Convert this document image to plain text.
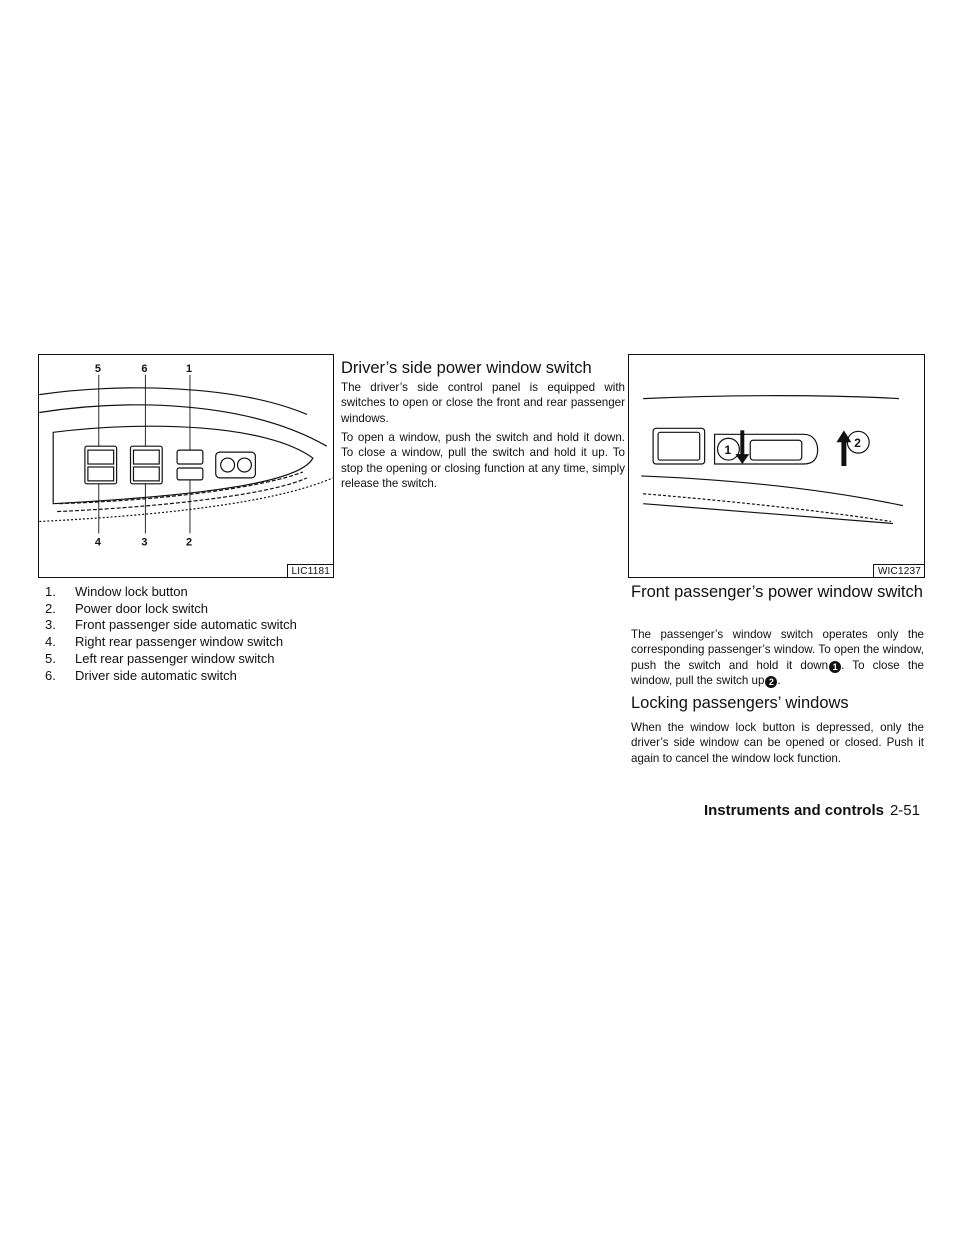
5	6	1
4	3	2
LIC1181
1.	Window lock button
2.	Power door lock switch
3.	Front passenger side automatic switch
4.	Right rear passenger window switch
5.	Left rear passenger window switch
6.	Driver side automatic switch
Driver’s side power window switch

The driver’s side control panel is equipped with switches to open or close the front and rear passenger windows.

To open a window, push the switch and hold it down. To close a window, pull the switch and hold it up. To stop the opening or closing function at any time, simply release the switch.

1	2
WIC1237
Front passenger’s power window switch

The passenger’s window switch operates only the corresponding passenger’s window. To open the window, push the switch and hold it down 1 . To close the window, pull the switch up 2 .

Locking passengers’ windows

When the window lock button is depressed, only the driver’s side window can be opened or closed. Push it again to cancel the window lock function.

Instruments and controls 2-51
